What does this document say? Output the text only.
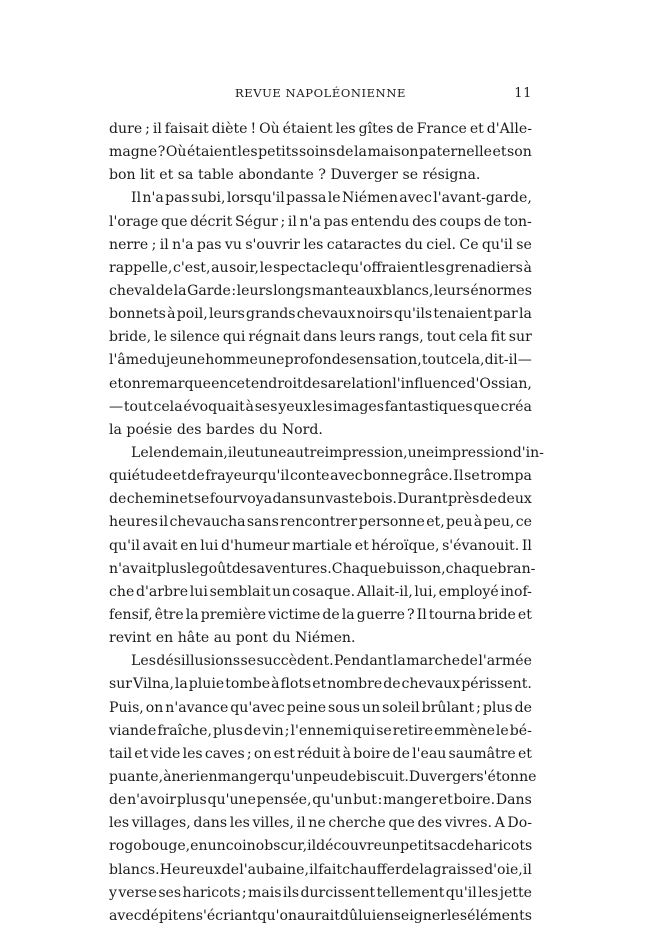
REVUE NAPOLÉONIENNE	11
dure ; il faisait diète ! Où étaient les gîtes de France et d'Alle-
magne ? Où étaient les petits soins de la maison paternelle et son
bon lit et sa table abondante ? Duverger se résigna.
Il n'a pas subi, lorsqu'il passa le Niémen avec l'avant-garde,
l'orage que décrit Ségur ; il n'a pas entendu des coups de ton-
nerre ; il n'a pas vu s'ouvrir les cataractes du ciel. Ce qu'il se
rappelle, c'est, au soir, le spectacle qu'offraient les grenadiers à
cheval de la Garde : leurs longs manteaux blancs, leurs énormes
bonnets à poil, leurs grands chevaux noirs qu'ils tenaient par la
bride, le silence qui régnait dans leurs rangs, tout cela fit sur
l'âme du jeune homme une profonde sensation, tout cela, dit-il —
et on remarque en cet endroit de sa relation l'influence d'Ossian,
— tout cela évoquait à ses yeux les images fantastiques que créa
la poésie des bardes du Nord.
Le lendemain, il eut une autre impression, une impression d'in-
quiétude et de frayeur qu'il conte avec bonne grâce. Il se trompa
de chemin et se fourvoya dans un vaste bois. Durant près de deux
heures il chevaucha sans rencontrer personne et, peu à peu, ce
qu'il avait en lui d'humeur martiale et héroïque, s'évanouit. Il
n'avait plus le goût des aventures. Chaque buisson, chaque bran-
che d'arbre lui semblait un cosaque. Allait-il, lui, employé inof-
fensif, être la première victime de la guerre ? Il tourna bride et
revint en hâte au pont du Niémen.
Les désillusions se succèdent. Pendant la marche de l'armée
sur Vilna, la pluie tombe à flots et nombre de chevaux périssent.
Puis, on n'avance qu'avec peine sous un soleil brûlant ; plus de
viande fraîche, plus de vin ; l'ennemi qui se retire emmène le bé-
tail et vide les caves ; on est réduit à boire de l'eau saumâtre et
puante, à ne rien manger qu'un peu de biscuit. Duverger s'étonne
de n'avoir plus qu'une pensée, qu'un but : manger et boire. Dans
les villages, dans les villes, il ne cherche que des vivres. A Do-
rogobouge, en un coin obscur, il découvre un petit sac de haricots
blancs. Heureux de l'aubaine, il fait chauffer de la graisse d'oie, il
y verse ses haricots ; mais ils durcissent tellement qu'il les jette
avec dépit en s'écriant qu'on aurait dû lui enseigner les éléments
